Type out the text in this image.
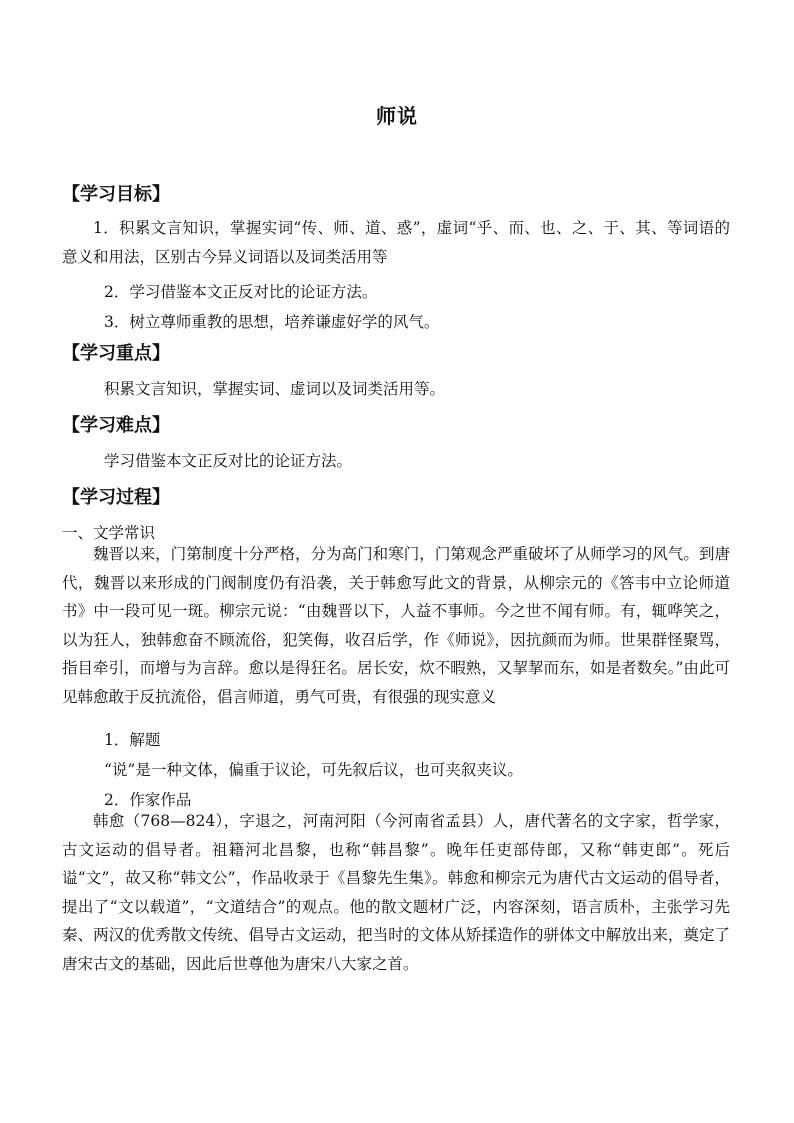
师说
【学习目标】

1．积累文言知识，掌握实词“传、师、道、惑”，虚词“乎、而、也、之、于、其、等词语的意义和用法，区别古今异义词语以及词类活用等

2．学习借鉴本文正反对比的论证方法。
3．树立尊师重教的思想，培养谦虚好学的风气。
【学习重点】
积累文言知识，掌握实词、虚词以及词类活用等。
【学习难点】
学习借鉴本文正反对比的论证方法。
【学习过程】
一、文学常识

魏晋以来，门第制度十分严格，分为高门和寒门，门第观念严重破坏了从师学习的风气。到唐代，魏晋以来形成的门阀制度仍有沿袭，关于韩愈写此文的背景，从柳宗元的《答韦中立论师道书》中一段可见一斑。柳宗元说：“由魏晋以下，人益不事师。今之世不闻有师。有，辄哗笑之，以为狂人，独韩愈奋不顾流俗，犯笑侮，收召后学，作《师说》，因抗颜而为师。世果群怪聚骂，指目牵引，而增与为言辞。愈以是得狂名。居长安，炊不暇熟，又挈挈而东，如是者数矣。”由此可见韩愈敢于反抗流俗，倡言师道，勇气可贵，有很强的现实意义

1．解题
“说”是一种文体，偏重于议论，可先叙后议，也可夹叙夹议。
2．作家作品

韩愈（768—824），字退之，河南河阳（今河南省孟县）人，唐代著名的文字家，哲学家，古文运动的倡导者。祖籍河北昌黎，也称“韩昌黎”。晚年任吏部侍郎，又称“韩吏郎”。死后谥“文”，故又称“韩文公”，作品收录于《昌黎先生集》。韩愈和柳宗元为唐代古文运动的倡导者，提出了“文以载道”，“文道结合”的观点。他的散文题材广泛，内容深刻，语言质朴，主张学习先秦、两汉的优秀散文传统、倡导古文运动，把当时的文体从矫揉造作的骈体文中解放出来，奠定了唐宋古文的基础，因此后世尊他为唐宋八大家之首。
